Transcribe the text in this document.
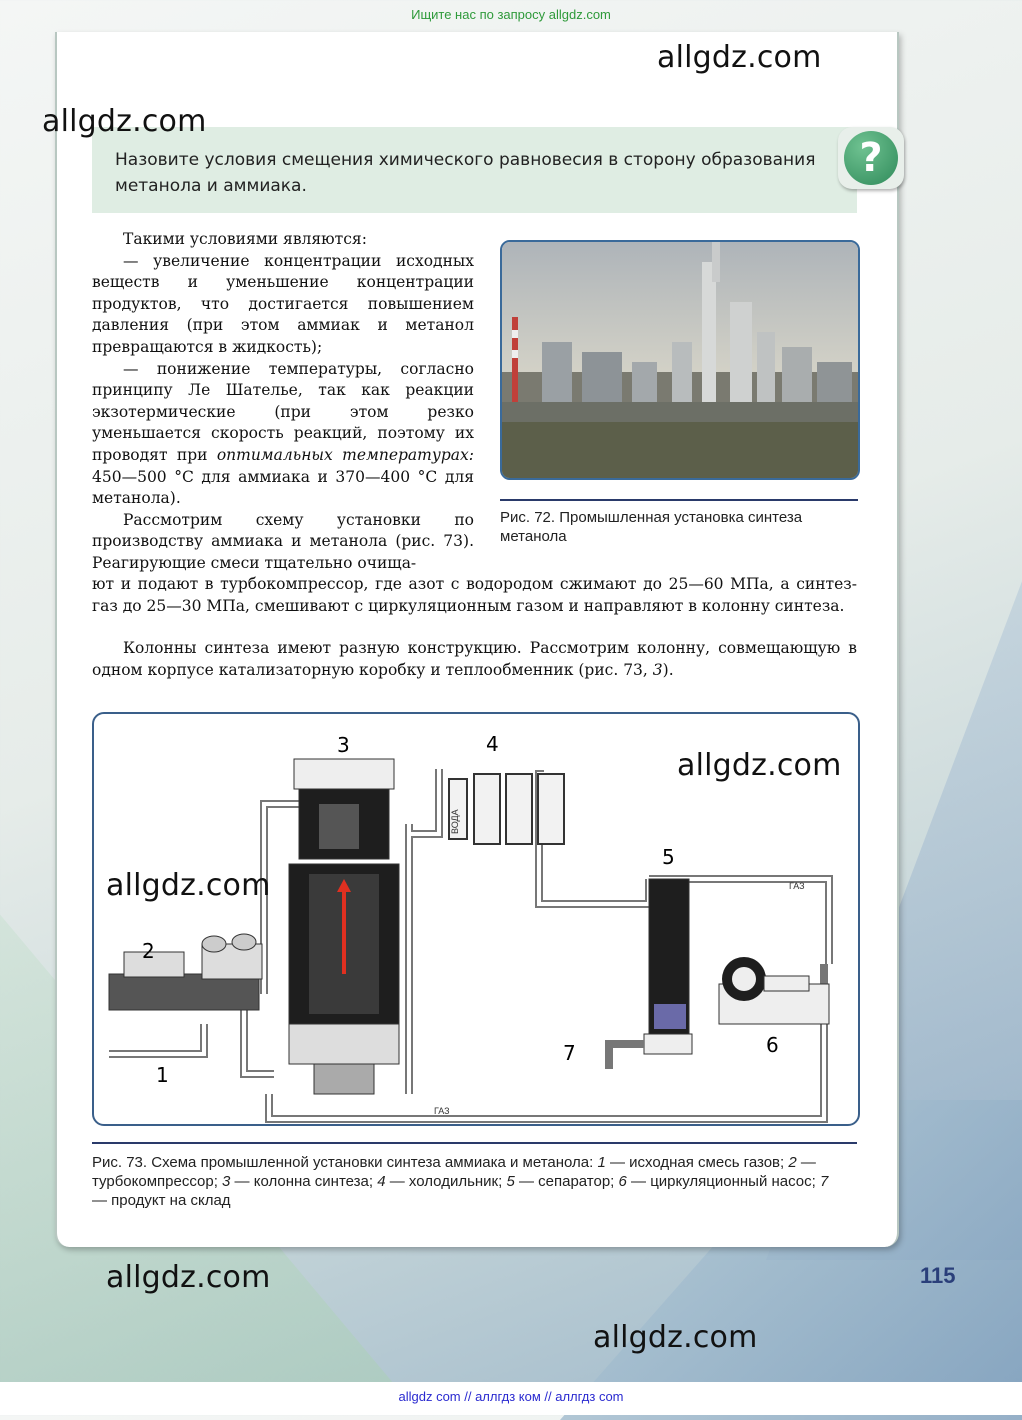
Ищите нас по запросу allgdz.com
Назовите условия смещения химического равновесия в сторону образования
метанола и аммиака.
?

Такими условиями являются:

— увеличение концентрации исходных веществ и уменьшение концентрации продуктов, что достигается повышением давления (при этом аммиак и метанол превращаются в жидкость);

— понижение температуры, согласно принципу Ле Шателье, так как реакции экзотермические (при этом резко уменьшается скорость реакций, поэтому их проводят при оптимальных температурах: 450—500 °С для аммиака и 370—400 °С для метанола).

Рассмотрим схему установки по производству аммиака и метанола (рис. 73). Реагирующие смеси тщательно очища-

Рис. 72. Промышленная установка синтеза метанола
ют и подают в турбокомпрессор, где азот с водородом сжимают до 25—60 МПа, а синтез-газ до 25—30 МПа, смешивают с циркуляционным газом и направляют в колонну синтеза.

Колонны синтеза имеют разную конструкцию. Рассмотрим колонну, совмещающую в одном корпусе катализаторную коробку и теплообменник (рис. 73, 3).

ГАЗ
ГАЗ
ВОДА
1
2
3	4
5
6
7
Рис. 73. Схема промышленной установки синтеза аммиака и метанола: 1 — исходная смесь газов; 2 — турбокомпрессор; 3 — колонна синтеза; 4 — холодильник; 5 — сепаратор; 6 — циркуляционный насос; 7 — продукт на склад
115
allgdz.com
allgdz.com
allgdz.com
allgdz.com
allgdz.com
allgdz.com
allgdz com // аллгдз ком // аллгдз com
